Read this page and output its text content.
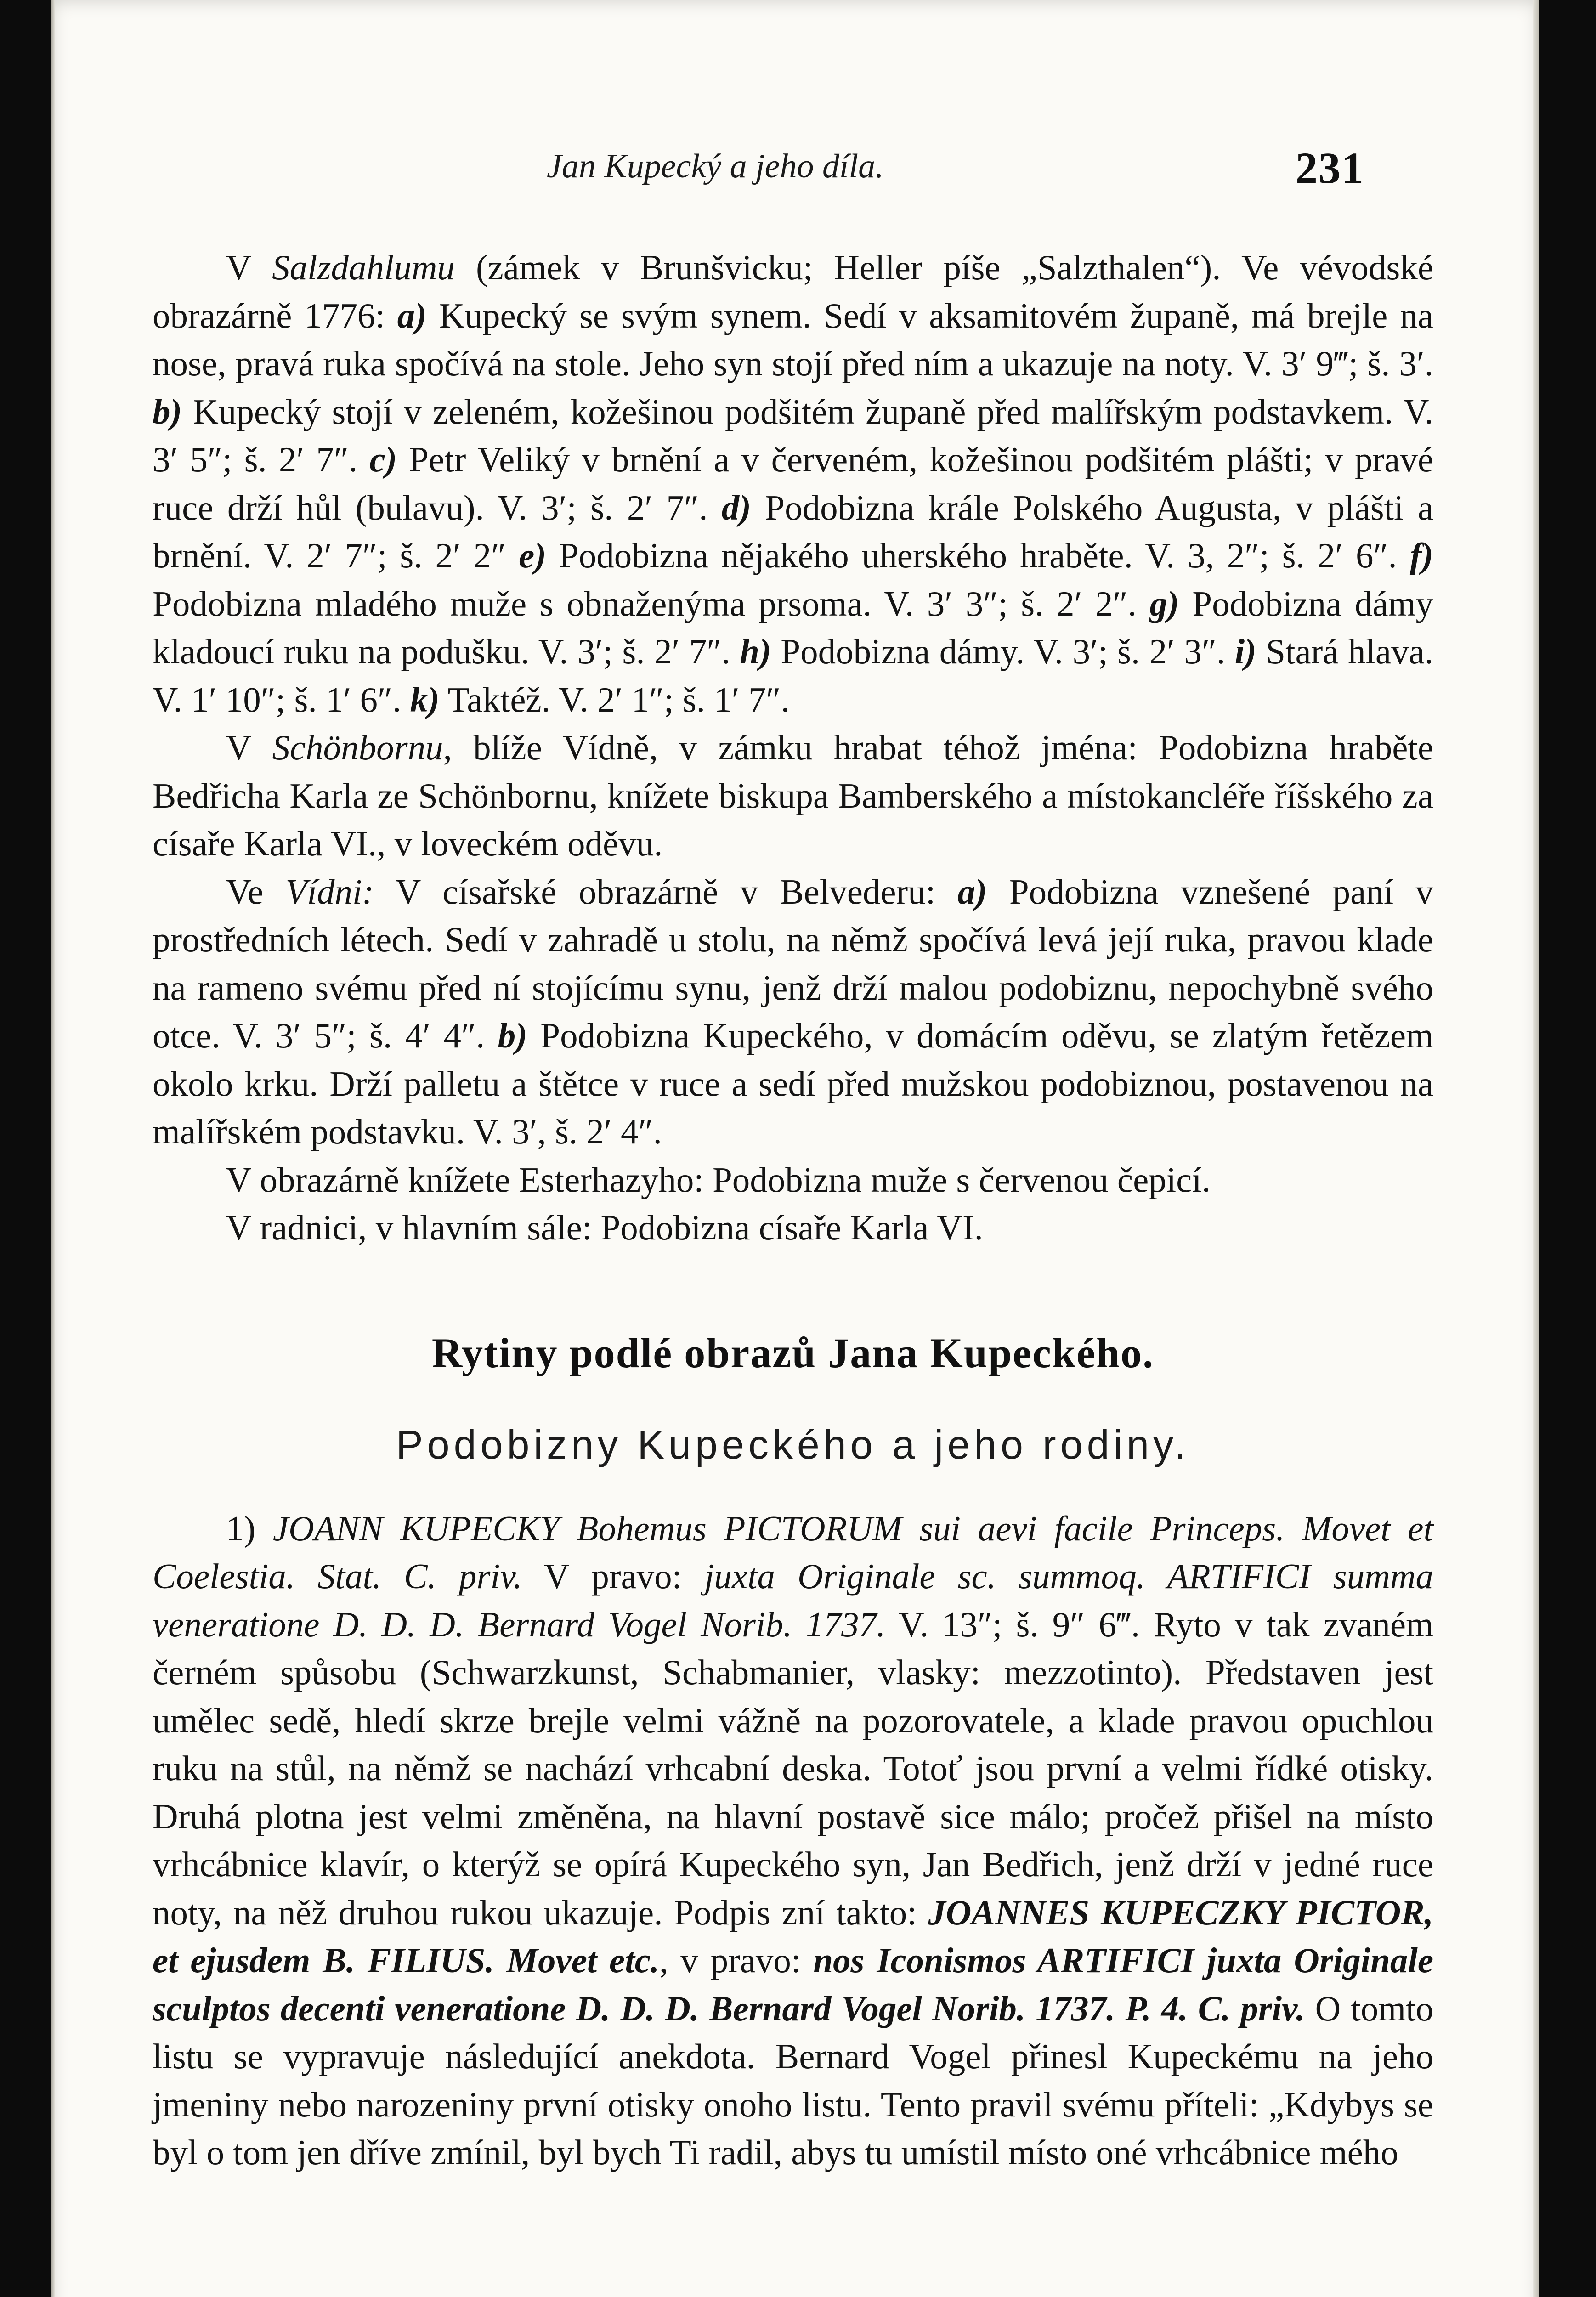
Jan Kupecký a jeho díla.	231

V Salzdahlumu (zámek v Brunšvicku; Heller píše „Salzthalen“). Ve vévodské obrazárně 1776: a) Kupecký se svým synem. Sedí v aksamitovém županě, má brejle na nose, pravá ruka spočívá na stole. Jeho syn stojí před ním a ukazuje na noty. V. 3′ 9‴; š. 3′. b) Kupecký stojí v zeleném, kožešinou podšitém županě před malířským podstavkem. V. 3′ 5″; š. 2′ 7″. c) Petr Veliký v brnění a v červeném, kožešinou podšitém plášti; v pravé ruce drží hůl (bulavu). V. 3′; š. 2′ 7″. d) Podobizna krále Polského Augusta, v plášti a brnění. V. 2′ 7″; š. 2′ 2″ e) Podobizna nějakého uherského hraběte. V. 3, 2″; š. 2′ 6″. f) Podobizna mladého muže s obnaženýma prsoma. V. 3′ 3″; š. 2′ 2″. g) Podobizna dámy kladoucí ruku na podušku. V. 3′; š. 2′ 7″. h) Podobizna dámy. V. 3′; š. 2′ 3″. i) Stará hlava. V. 1′ 10″; š. 1′ 6″. k) Taktéž. V. 2′ 1″; š. 1′ 7″.

V Schönbornu, blíže Vídně, v zámku hrabat téhož jména: Podobizna hraběte Bedřicha Karla ze Schönbornu, knížete biskupa Bamberského a místokancléře říšského za císaře Karla VI., v loveckém oděvu.

Ve Vídni: V císařské obrazárně v Belvederu: a) Podobizna vznešené paní v prostředních létech. Sedí v zahradě u stolu, na němž spočívá levá její ruka, pravou klade na rameno svému před ní stojícímu synu, jenž drží malou podobiznu, nepochybně svého otce. V. 3′ 5″; š. 4′ 4″. b) Podobizna Kupeckého, v domácím oděvu, se zlatým řetězem okolo krku. Drží palletu a štětce v ruce a sedí před mužskou podobiznou, postavenou na malířském podstavku. V. 3′, š. 2′ 4″.

V obrazárně knížete Esterhazyho: Podobizna muže s červenou čepicí.

V radnici, v hlavním sále: Podobizna císaře Karla VI.

Rytiny podlé obrazů Jana Kupeckého.
Podobizny Kupeckého a jeho rodiny.

1) JOANN KUPECKY Bohemus PICTORUM sui aevi facile Princeps. Movet et Coelestia. Stat. C. priv. V pravo: juxta Originale sc. summoq. ARTIFICI summa veneratione D. D. D. Bernard Vogel Norib. 1737. V. 13″; š. 9″ 6‴. Ryto v tak zvaném černém spůsobu (Schwarzkunst, Schabmanier, vlasky: mezzotinto). Představen jest umělec sedě, hledí skrze brejle velmi vážně na pozorovatele, a klade pravou opuchlou ruku na stůl, na němž se nachází vrhcabní deska. Totoť jsou první a velmi řídké otisky. Druhá plotna jest velmi změněna, na hlavní postavě sice málo; pročež přišel na místo vrhcábnice klavír, o kterýž se opírá Kupeckého syn, Jan Bedřich, jenž drží v jedné ruce noty, na něž druhou rukou ukazuje. Podpis zní takto: JOANNES KUPECZKY PICTOR, et ejusdem B. FILIUS. Movet etc., v pravo: nos Iconismos ARTIFICI juxta Originale sculptos decenti veneratione D. D. D. Bernard Vogel Norib. 1737. P. 4. C. priv. O tomto listu se vypravuje následující anekdota. Bernard Vogel přinesl Kupeckému na jeho jmeniny nebo narozeniny první otisky onoho listu. Tento pravil svému příteli: „Kdybys se byl o tom jen dříve zmínil, byl bych Ti radil, abys tu umístil místo oné vrhcábnice mého
